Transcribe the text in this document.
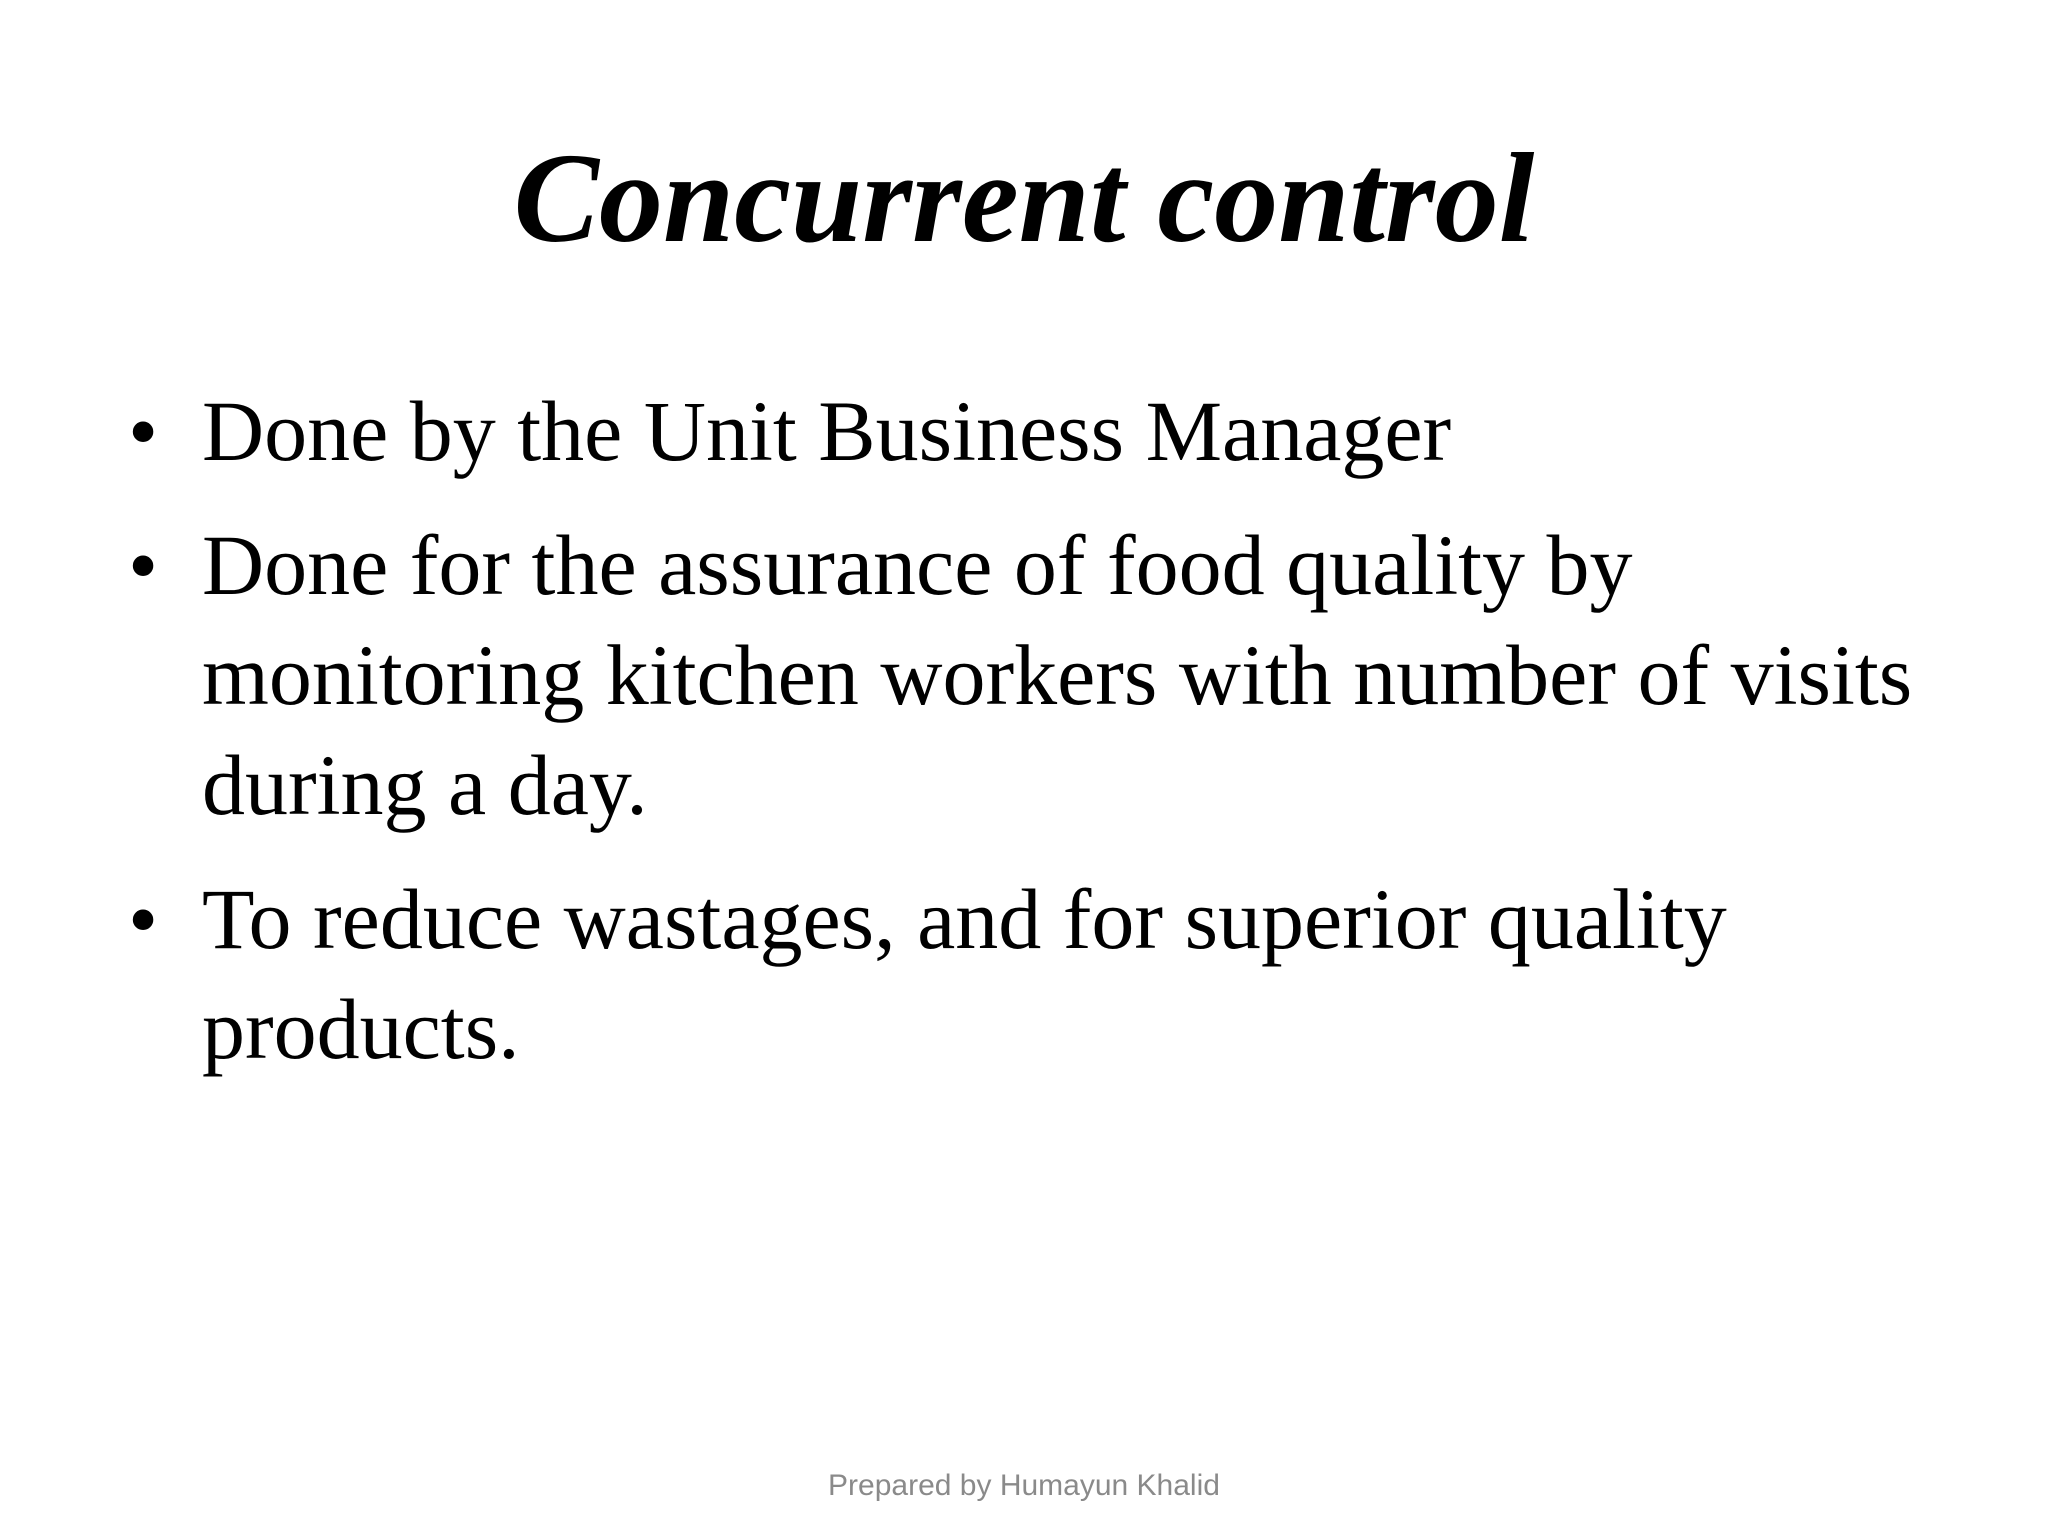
Concurrent control
• Done by the Unit Business Manager
• Done for the assurance of food quality by monitoring kitchen workers with number of visits during a day.
• To reduce wastages, and for superior quality products.
Prepared by Humayun Khalid
